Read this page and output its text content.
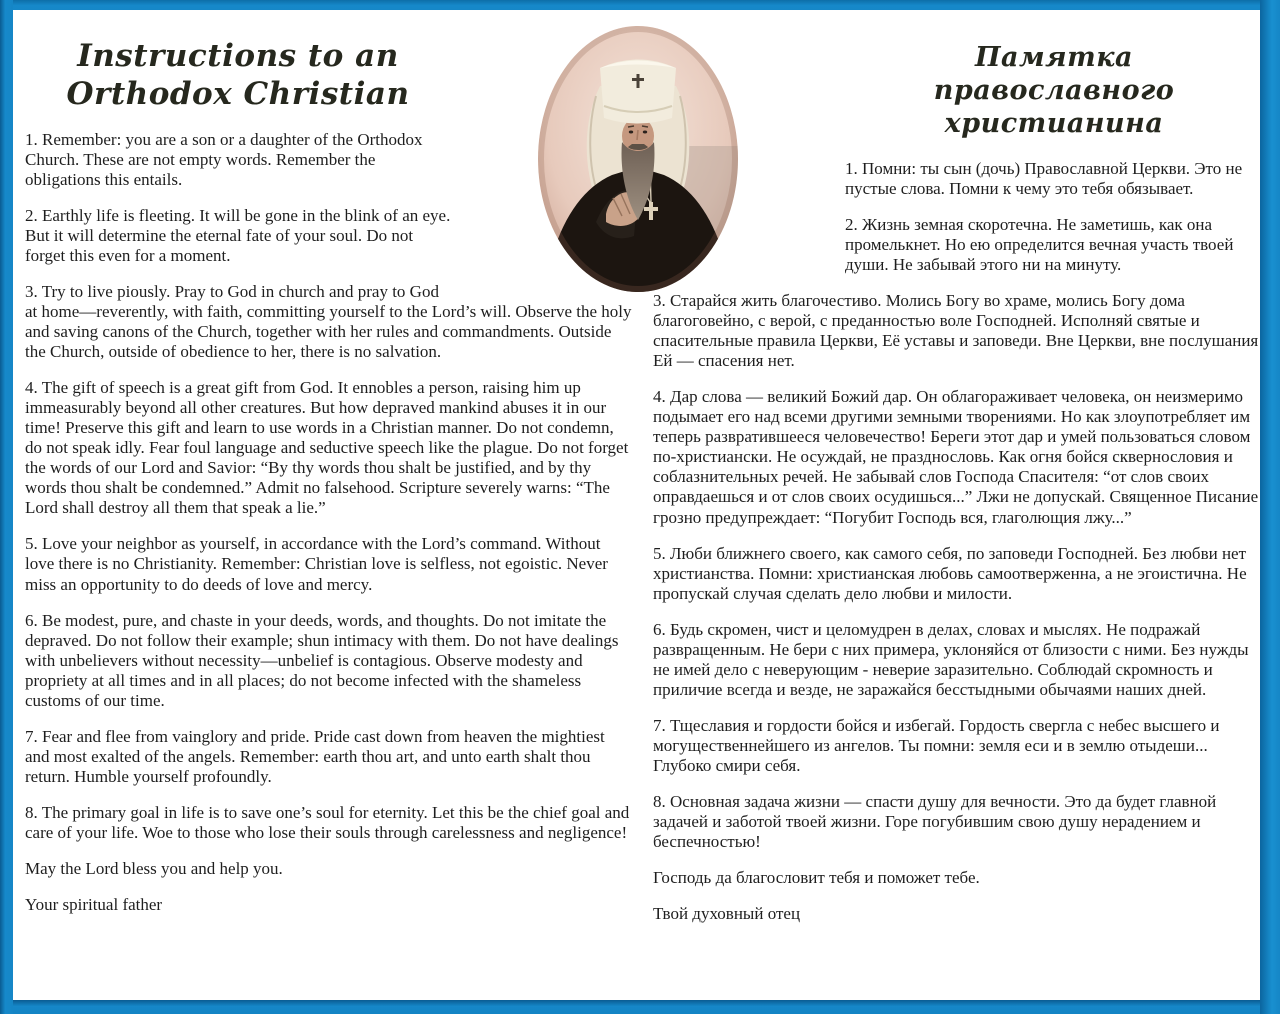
Instructions to an
Orthodox Christian

1. Remember: you are a son or a daughter of the Orthodox Church. These are not empty words. Remember the obligations this entails.

2. Earthly life is fleeting. It will be gone in the blink of an eye. But it will determine the eternal fate of your soul. Do not forget this even for a moment.

3. Try to live piously. Pray to God in church and pray to God at home—reverently, with faith, committing yourself to the Lord’s will. Observe the holy and saving canons of the Church, together with her rules and commandments. Outside the Church, outside of obedience to her, there is no salvation.

4. The gift of speech is a great gift from God. It ennobles a person, raising him up immeasurably beyond all other creatures. But how depraved mankind abuses it in our time! Preserve this gift and learn to use words in a Christian manner. Do not condemn, do not speak idly. Fear foul language and seductive speech like the plague. Do not forget the words of our Lord and Savior: “By thy words thou shalt be justified, and by thy words thou shalt be condemned.” Admit no falsehood. Scripture severely warns: “The Lord shall destroy all them that speak a lie.”

5. Love your neighbor as yourself, in accordance with the Lord’s command. Without love there is no Christianity. Remember: Christian love is selfless, not egoistic. Never miss an opportunity to do deeds of love and mercy.

6. Be modest, pure, and chaste in your deeds, words, and thoughts. Do not imitate the depraved. Do not follow their example; shun intimacy with them. Do not have dealings with unbelievers without necessity—unbelief is contagious. Observe modesty and propriety at all times and in all places; do not become infected with the shameless customs of our time.

7. Fear and flee from vainglory and pride. Pride cast down from heaven the mightiest and most exalted of the angels. Remember: earth thou art, and unto earth shalt thou return. Humble yourself profoundly.

8. The primary goal in life is to save one’s soul for eternity. Let this be the chief goal and care of your life. Woe to those who lose their souls through carelessness and negligence!

May the Lord bless you and help you.

Your spiritual father

Памятка
православного христианина

1. Помни: ты сын (дочь) Православной Церкви. Это не пустые слова. Помни к чему это тебя обязывает.

2. Жизнь земная скоротечна. Не заметишь, как она промелькнет. Но ею определится вечная участь твоей души. Не забывай этого ни на минуту.

3. Старайся жить благочестиво. Молись Богу во храме, молись Богу дома благоговейно, с верой, с преданностью воле Господней. Исполняй святые и спасительные правила Церкви, Её уставы и заповеди. Вне Церкви, вне послушания Ей — спасения нет.

4. Дар слова — великий Божий дар. Он облагораживает человека, он неизмеримо подымает его над всеми другими земными творениями. Но как злоупотребляет им теперь развратившееся человечество! Береги этот дар и умей пользоваться словом по-христиански. Не осуждай, не празднословь. Как огня бойся сквернословия и соблазнительных речей. Не забывай слов Господа Спасителя: “от слов своих оправдаешься и от слов своих осудишься...” Лжи не допускай. Священное Писание грозно предупреждает: “Погубит Господь вся, глаголющия лжу...”

5. Люби ближнего своего, как самого себя, по заповеди Господней. Без любви нет христианства. Помни: христианская любовь самоотверженна, а не эгоистична. Не пропускай случая сделать дело любви и милости.

6. Будь скромен, чист и целомудрен в делах, словах и мыслях. Не подражай развращенным. Не бери с них примера, уклоняйся от близости с ними. Без нужды не имей дело с неверующим - неверие заразительно. Соблюдай скромность и приличие всегда и везде, не заражайся бесстыдными обычаями наших дней.

7. Тщеславия и гордости бойся и избегай. Гордость свергла с небес высшего и могущественнейшего из ангелов. Ты помни: земля еси и в землю отыдеши... Глубоко смири себя.

8. Основная задача жизни — спасти душу для вечности. Это да будет главной задачей и заботой твоей жизни. Горе погубившим свою душу нерадением и беспечностью!

Господь да благословит тебя и поможет тебе.

Твой духовный отец
